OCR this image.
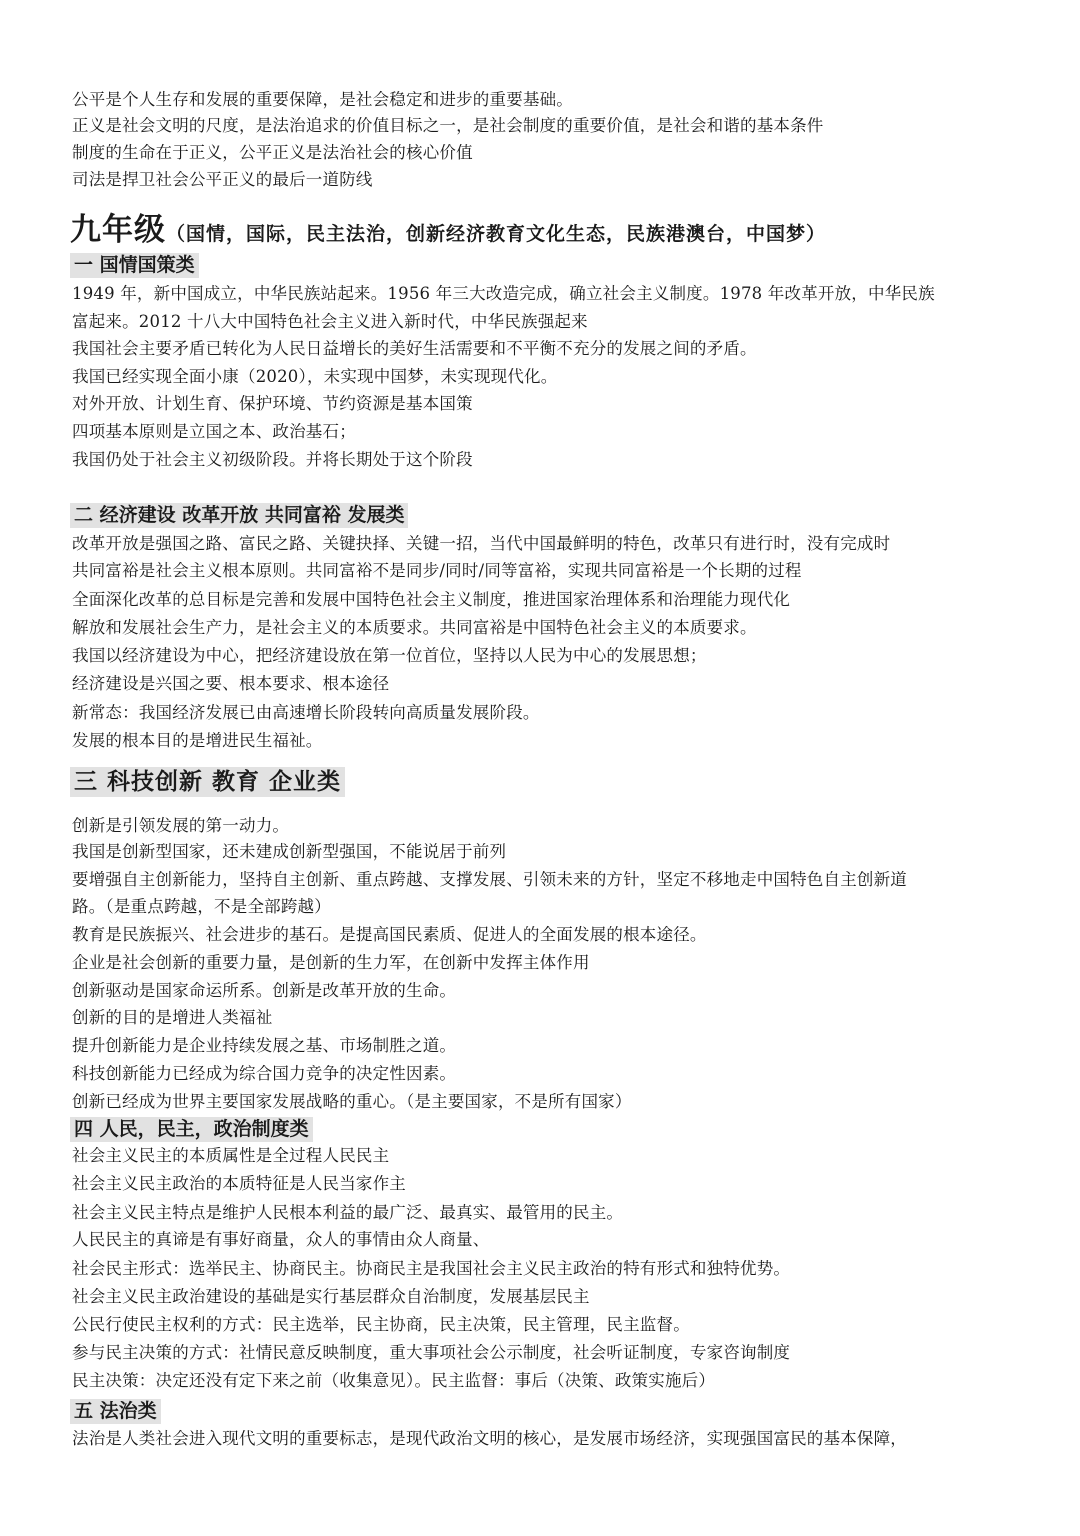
公平是个人生存和发展的重要保障，是社会稳定和进步的重要基础。
正义是社会文明的尺度，是法治追求的价值目标之一，是社会制度的重要价值，是社会和谐的基本条件
制度的生命在于正义，公平正义是法治社会的核心价值
司法是捍卫社会公平正义的最后一道防线
九年级（国情，国际，民主法治，创新经济教育文化生态，民族港澳台，中国梦）
一 国情国策类
1949 年，新中国成立，中华民族站起来。1956 年三大改造完成，确立社会主义制度。1978 年改革开放，中华民族
富起来。2012 十八大中国特色社会主义进入新时代，中华民族强起来
我国社会主要矛盾已转化为人民日益增长的美好生活需要和不平衡不充分的发展之间的矛盾。
我国已经实现全面小康（2020），未实现中国梦，未实现现代化。
对外开放、计划生育、保护环境、节约资源是基本国策
四项基本原则是立国之本、政治基石；
我国仍处于社会主义初级阶段。并将长期处于这个阶段
二 经济建设 改革开放 共同富裕 发展类
改革开放是强国之路、富民之路、关键抉择、关键一招，当代中国最鲜明的特色，改革只有进行时，没有完成时
共同富裕是社会主义根本原则。共同富裕不是同步/同时/同等富裕，实现共同富裕是一个长期的过程
全面深化改革的总目标是完善和发展中国特色社会主义制度，推进国家治理体系和治理能力现代化
解放和发展社会生产力，是社会主义的本质要求。共同富裕是中国特色社会主义的本质要求。
我国以经济建设为中心，把经济建设放在第一位首位，坚持以人民为中心的发展思想；
经济建设是兴国之要、根本要求、根本途径
新常态：我国经济发展已由高速增长阶段转向高质量发展阶段。
发展的根本目的是增进民生福祉。
三 科技创新 教育 企业类
创新是引领发展的第一动力。
我国是创新型国家，还未建成创新型强国，不能说居于前列
要增强自主创新能力，坚持自主创新、重点跨越、支撑发展、引领未来的方针，坚定不移地走中国特色自主创新道
路。（是重点跨越，不是全部跨越）
教育是民族振兴、社会进步的基石。是提高国民素质、促进人的全面发展的根本途径。
企业是社会创新的重要力量，是创新的生力军，在创新中发挥主体作用
创新驱动是国家命运所系。创新是改革开放的生命。
创新的目的是增进人类福祉
提升创新能力是企业持续发展之基、市场制胜之道。
科技创新能力已经成为综合国力竞争的决定性因素。
创新已经成为世界主要国家发展战略的重心。（是主要国家，不是所有国家）
四 人民，民主，政治制度类
社会主义民主的本质属性是全过程人民民主
社会主义民主政治的本质特征是人民当家作主
社会主义民主特点是维护人民根本利益的最广泛、最真实、最管用的民主。
人民民主的真谛是有事好商量，众人的事情由众人商量、
社会民主形式：选举民主、协商民主。协商民主是我国社会主义民主政治的特有形式和独特优势。
社会主义民主政治建设的基础是实行基层群众自治制度，发展基层民主
公民行使民主权利的方式：民主选举，民主协商，民主决策，民主管理，民主监督。
参与民主决策的方式：社情民意反映制度，重大事项社会公示制度，社会听证制度，专家咨询制度
民主决策：决定还没有定下来之前（收集意见）。民主监督：事后（决策、政策实施后）
五 法治类
法治是人类社会进入现代文明的重要标志，是现代政治文明的核心，是发展市场经济，实现强国富民的基本保障，
